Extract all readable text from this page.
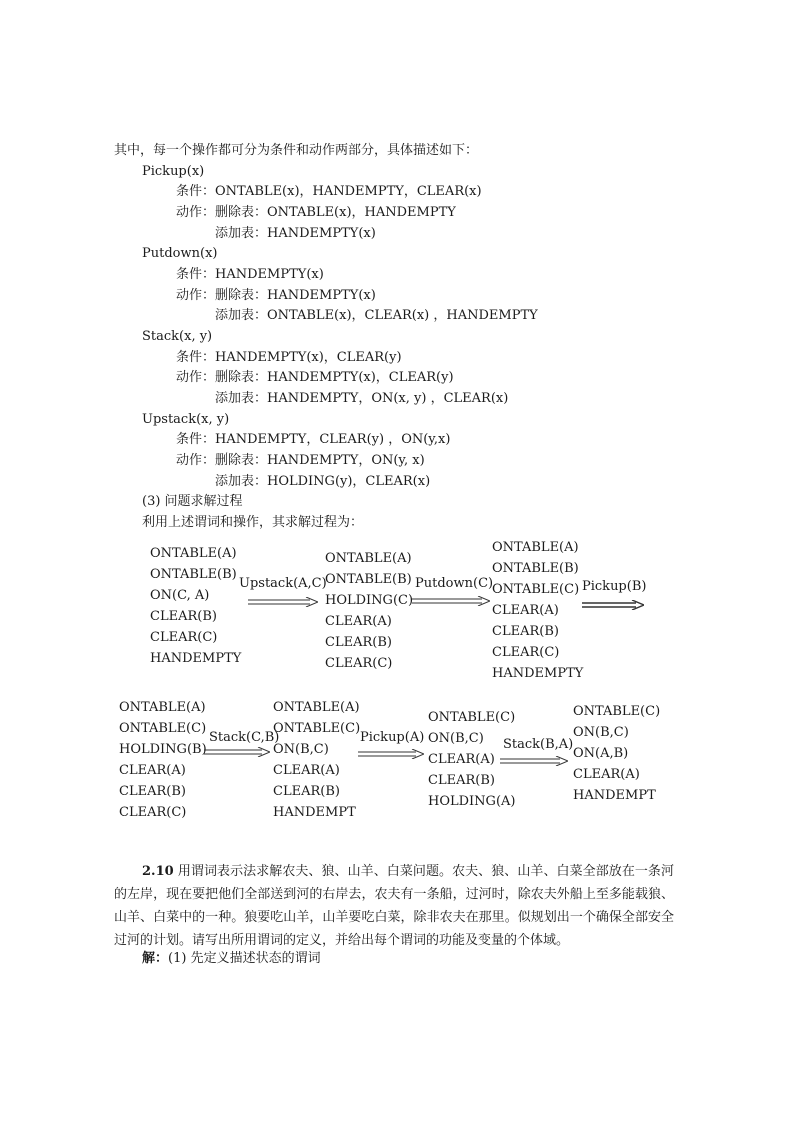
其中，每一个操作都可分为条件和动作两部分，具体描述如下：
Pickup(x)
条件：ONTABLE(x)，HANDEMPTY，CLEAR(x)
动作：删除表：ONTABLE(x)，HANDEMPTY
添加表：HANDEMPTY(x)
Putdown(x)
条件：HANDEMPTY(x)
动作：删除表：HANDEMPTY(x)
添加表：ONTABLE(x)，CLEAR(x) ，HANDEMPTY
Stack(x, y)
条件：HANDEMPTY(x)，CLEAR(y)
动作：删除表：HANDEMPTY(x)，CLEAR(y)
添加表：HANDEMPTY，ON(x, y) ，CLEAR(x)
Upstack(x, y)
条件：HANDEMPTY，CLEAR(y) ，ON(y,x)
动作：删除表：HANDEMPTY，ON(y, x)
添加表：HOLDING(y)，CLEAR(x)
(3) 问题求解过程
利用上述谓词和操作，其求解过程为：
ONTABLE(A)
ONTABLE(B)
ON(C, A)
CLEAR(B)
CLEAR(C)
HANDEMPTY
Upstack(A,C)
ONTABLE(A)
ONTABLE(B)
HOLDING(C)
CLEAR(A)
CLEAR(B)
CLEAR(C)
Putdown(C)
ONTABLE(A)
ONTABLE(B)
ONTABLE(C)
CLEAR(A)
CLEAR(B)
CLEAR(C)
HANDEMPTY
Pickup(B)
ONTABLE(A)
ONTABLE(C)
HOLDING(B)
CLEAR(A)
CLEAR(B)
CLEAR(C)
Stack(C,B)
ONTABLE(A)
ONTABLE(C)
ON(B,C)
CLEAR(A)
CLEAR(B)
HANDEMPT
Pickup(A)
ONTABLE(C)
ON(B,C)
CLEAR(A)
CLEAR(B)
HOLDING(A)
Stack(B,A)
ONTABLE(C)
ON(B,C)
ON(A,B)
CLEAR(A)
HANDEMPT

2.10 用谓词表示法求解农夫、狼、山羊、白菜问题。农夫、狼、山羊、白菜全部放在一条河的左岸，现在要把他们全部送到河的右岸去，农夫有一条船，过河时，除农夫外船上至多能载狼、山羊、白菜中的一种。狼要吃山羊，山羊要吃白菜，除非农夫在那里。似规划出一个确保全部安全过河的计划。请写出所用谓词的定义，并给出每个谓词的功能及变量的个体域。

解：(1) 先定义描述状态的谓词
